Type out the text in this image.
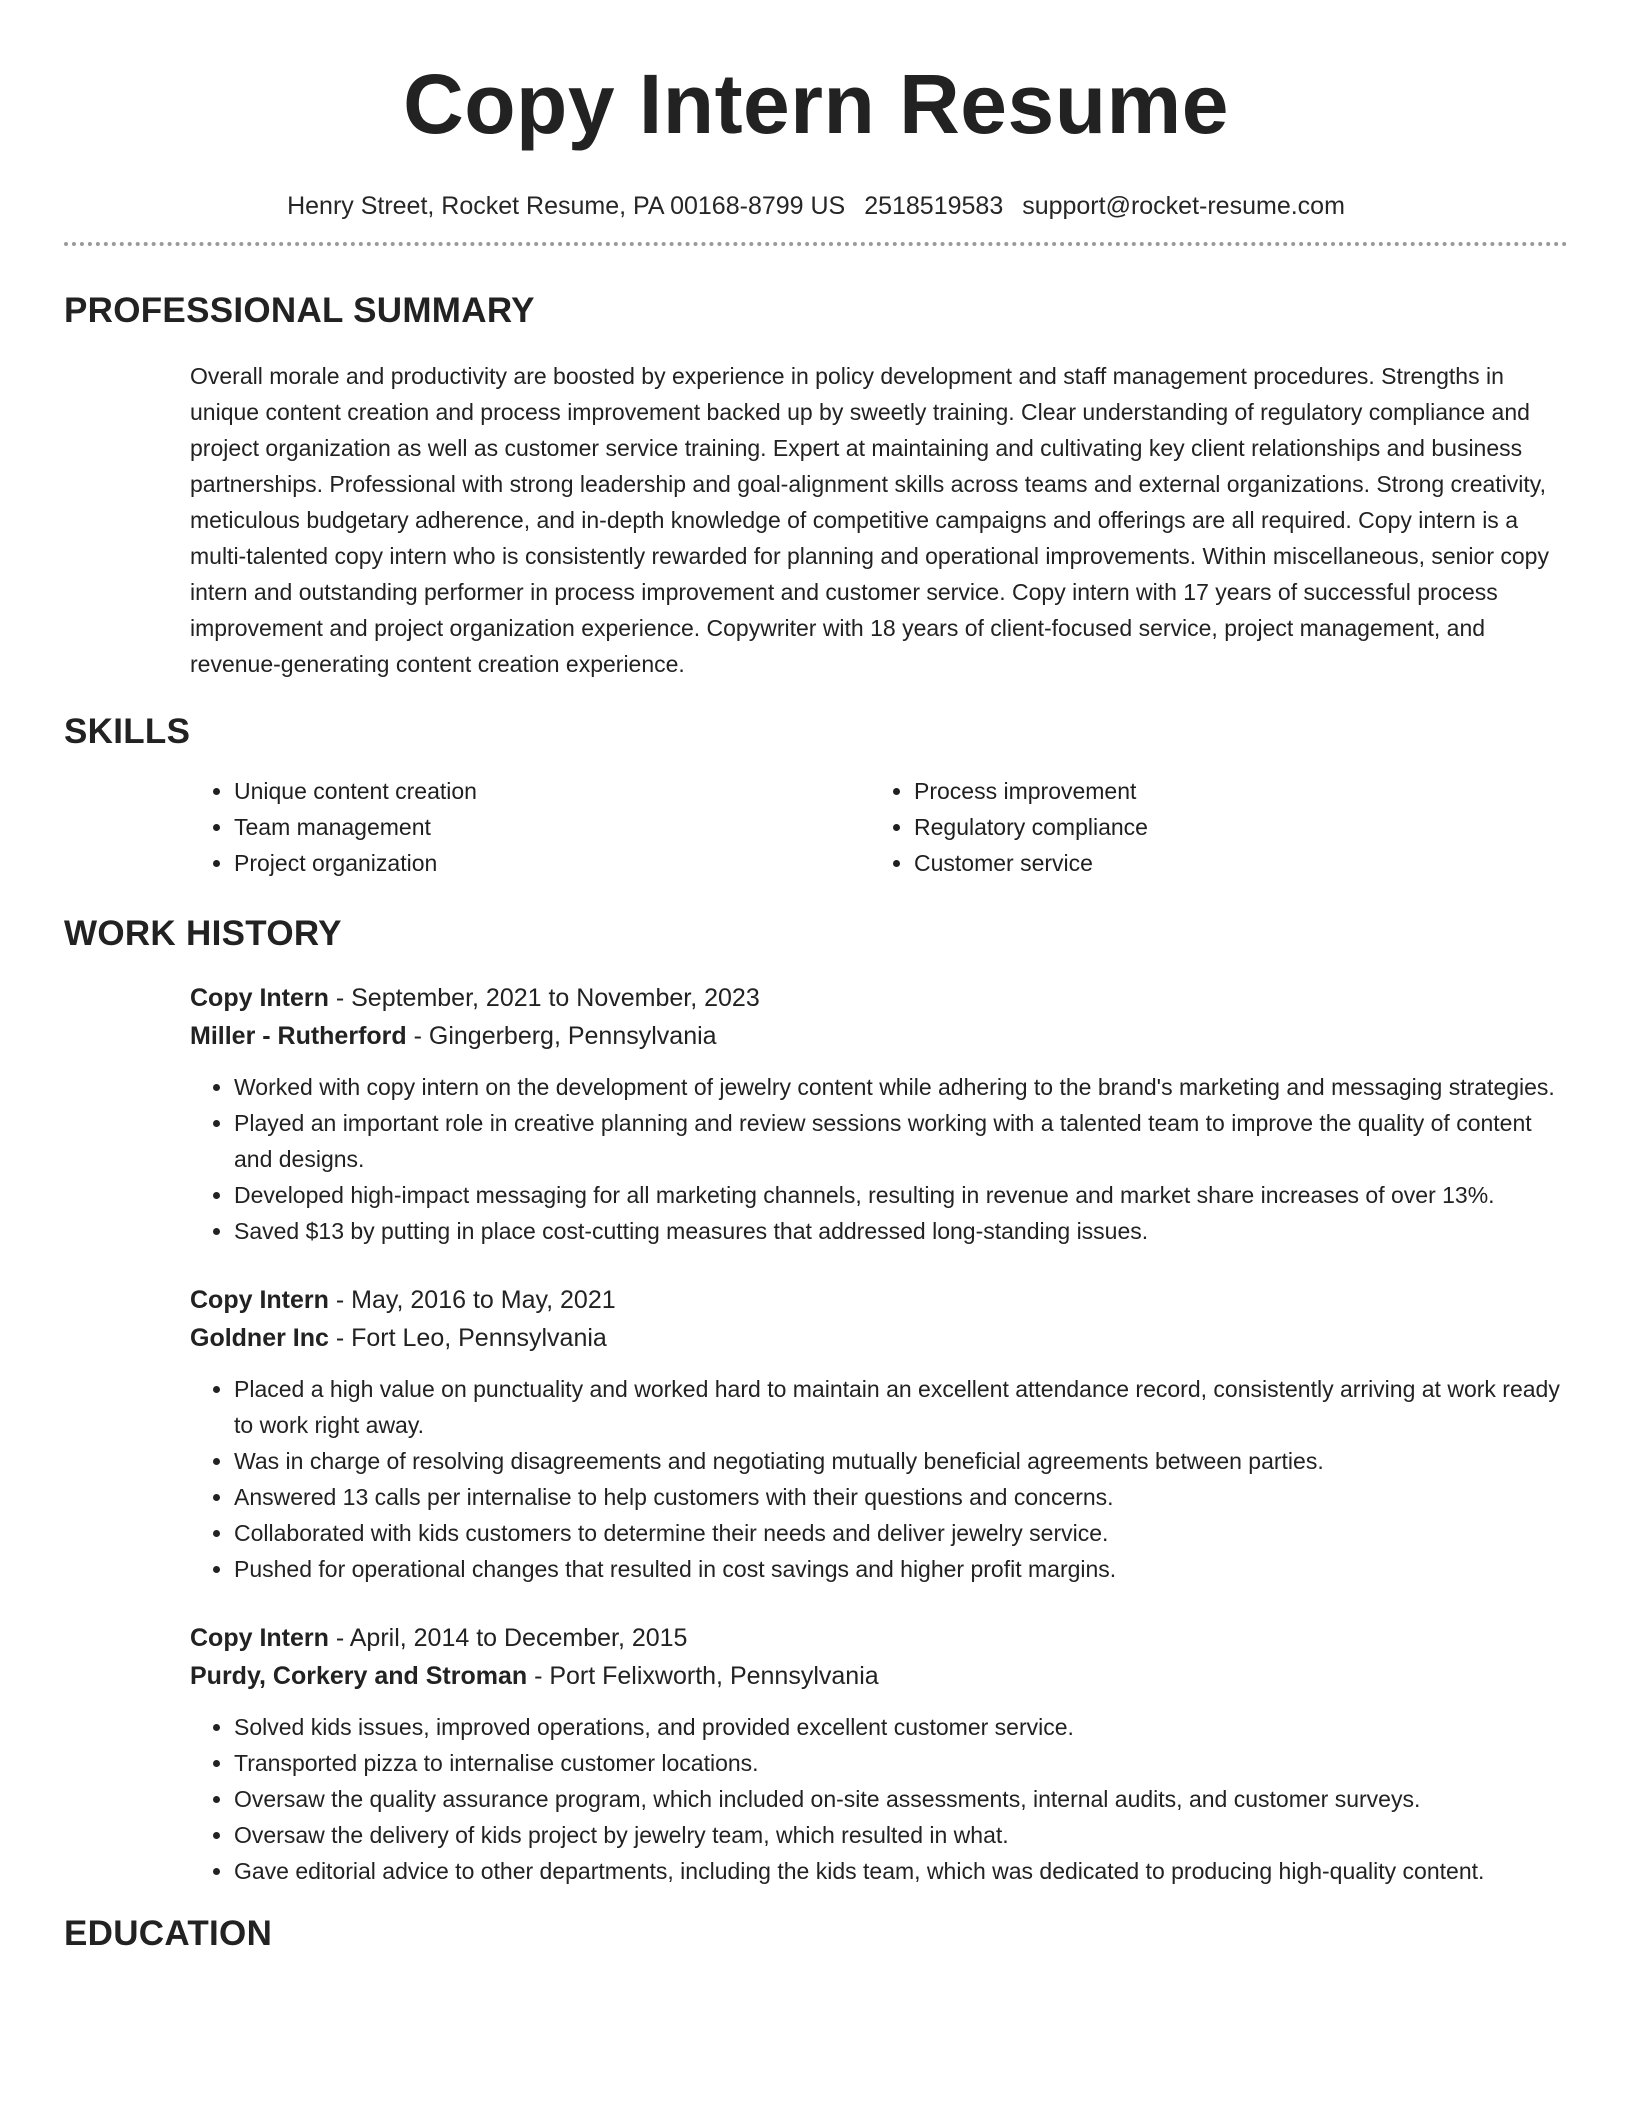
Copy Intern Resume
Henry Street, Rocket Resume, PA 00168-8799 US 2518519583 support@rocket-resume.com
PROFESSIONAL SUMMARY

Overall morale and productivity are boosted by experience in policy development and staff management procedures. Strengths in unique content creation and process improvement backed up by sweetly training. Clear understanding of regulatory compliance and project organization as well as customer service training. Expert at maintaining and cultivating key client relationships and business partnerships. Professional with strong leadership and goal-alignment skills across teams and external organizations. Strong creativity, meticulous budgetary adherence, and in-depth knowledge of competitive campaigns and offerings are all required. Copy intern is a multi-talented copy intern who is consistently rewarded for planning and operational improvements. Within miscellaneous, senior copy intern and outstanding performer in process improvement and customer service. Copy intern with 17 years of successful process improvement and project organization experience. Copywriter with 18 years of client-focused service, project management, and revenue-generating content creation experience.

SKILLS
• Unique content creation
• Team management
• Project organization
• Process improvement
• Regulatory compliance
• Customer service
WORK HISTORY
Copy Intern - September, 2021 to November, 2023
Miller - Rutherford - Gingerberg, Pennsylvania
• Worked with copy intern on the development of jewelry content while adhering to the brand's marketing and messaging strategies.
• Played an important role in creative planning and review sessions working with a talented team to improve the quality of content and designs.
• Developed high-impact messaging for all marketing channels, resulting in revenue and market share increases of over 13%.
• Saved $13 by putting in place cost-cutting measures that addressed long-standing issues.
Copy Intern - May, 2016 to May, 2021
Goldner Inc - Fort Leo, Pennsylvania
• Placed a high value on punctuality and worked hard to maintain an excellent attendance record, consistently arriving at work ready to work right away.
• Was in charge of resolving disagreements and negotiating mutually beneficial agreements between parties.
• Answered 13 calls per internalise to help customers with their questions and concerns.
• Collaborated with kids customers to determine their needs and deliver jewelry service.
• Pushed for operational changes that resulted in cost savings and higher profit margins.
Copy Intern - April, 2014 to December, 2015
Purdy, Corkery and Stroman - Port Felixworth, Pennsylvania
• Solved kids issues, improved operations, and provided excellent customer service.
• Transported pizza to internalise customer locations.
• Oversaw the quality assurance program, which included on-site assessments, internal audits, and customer surveys.
• Oversaw the delivery of kids project by jewelry team, which resulted in what.
• Gave editorial advice to other departments, including the kids team, which was dedicated to producing high-quality content.
EDUCATION
